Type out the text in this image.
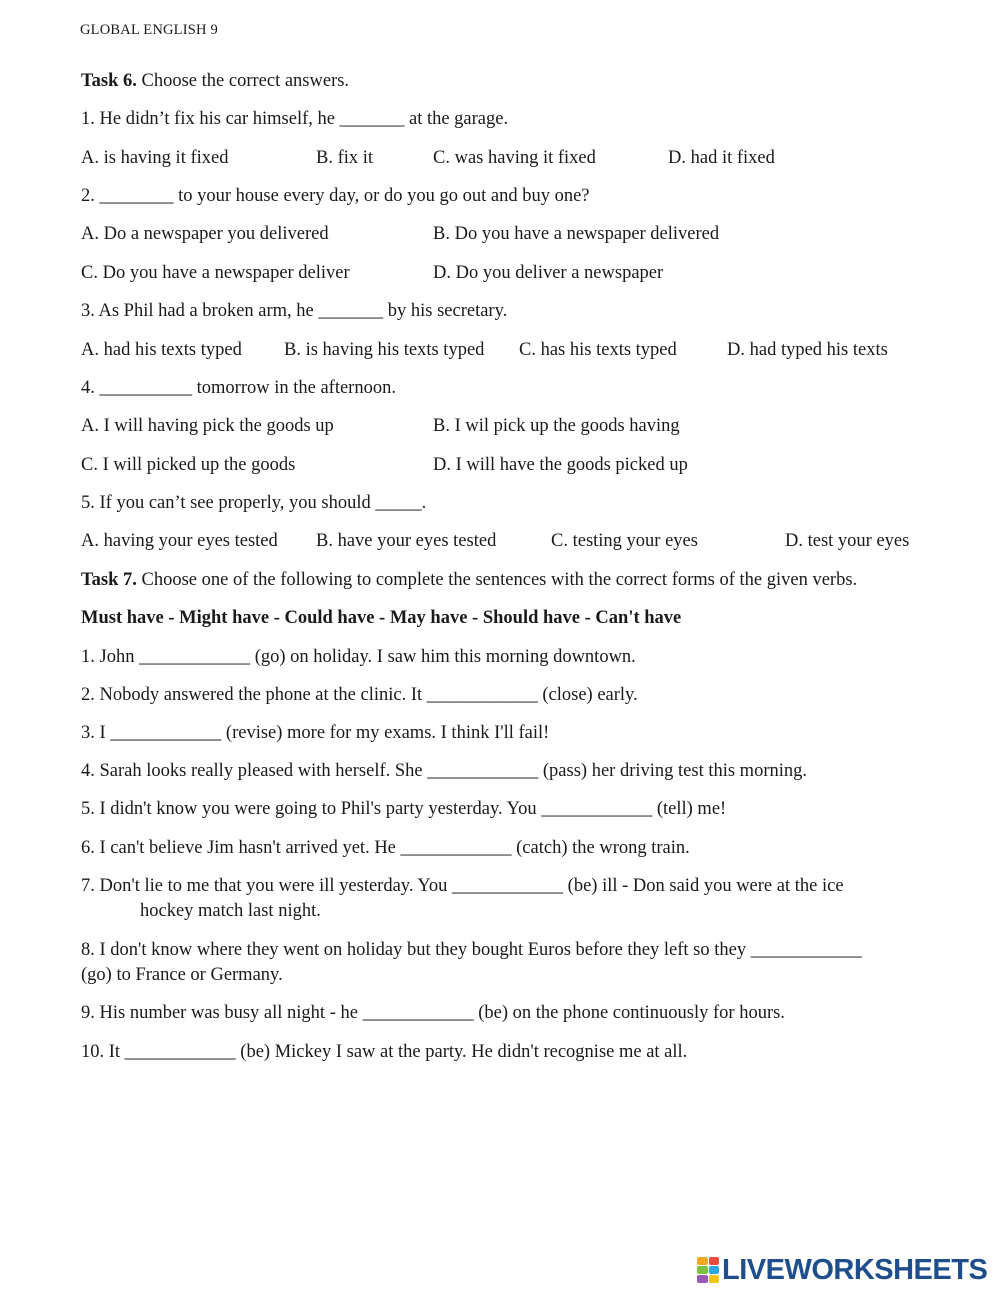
GLOBAL ENGLISH 9
Task 6. Choose the correct answers.
1. He didn’t fix his car himself, he _______ at the garage.
A. is having it fixed	B. fix it	C. was having it fixed	D. had it fixed
2. ________ to your house every day, or do you go out and buy one?
A. Do a newspaper you delivered	B. Do you have a newspaper delivered
C. Do you have a newspaper deliver	D. Do you deliver a newspaper
3. As Phil had a broken arm, he _______ by his secretary.
A. had his texts typed B. is having his texts typed C. has his texts typed	D. had typed his texts
4. __________ tomorrow in the afternoon.
A. I will having pick the goods up	B. I wil pick up the goods having
C. I will picked up the goods	D. I will have the goods picked up
5. If you can’t see properly, you should _____.
A. having your eyes tested B. have your eyes tested	C. testing your eyes	D. test your eyes
Task 7. Choose one of the following to complete the sentences with the correct forms of the given verbs.
Must have - Might have - Could have - May have - Should have - Can't have
1. John ____________ (go) on holiday. I saw him this morning downtown.
2. Nobody answered the phone at the clinic. It ____________ (close) early.
3. I ____________ (revise) more for my exams. I think I'll fail!
4. Sarah looks really pleased with herself. She ____________ (pass) her driving test this morning.
5. I didn't know you were going to Phil's party yesterday. You ____________ (tell) me!
6. I can't believe Jim hasn't arrived yet. He ____________ (catch) the wrong train.
7. Don't lie to me that you were ill yesterday. You ____________ (be) ill - Don said you were at the ice
hockey match last night.
8. I don't know where they went on holiday but they bought Euros before they left so they ____________
(go) to France or Germany.
9. His number was busy all night - he ____________ (be) on the phone continuously for hours.
10. It ____________ (be) Mickey I saw at the party. He didn't recognise me at all.
LIVEWORKSHEETS
